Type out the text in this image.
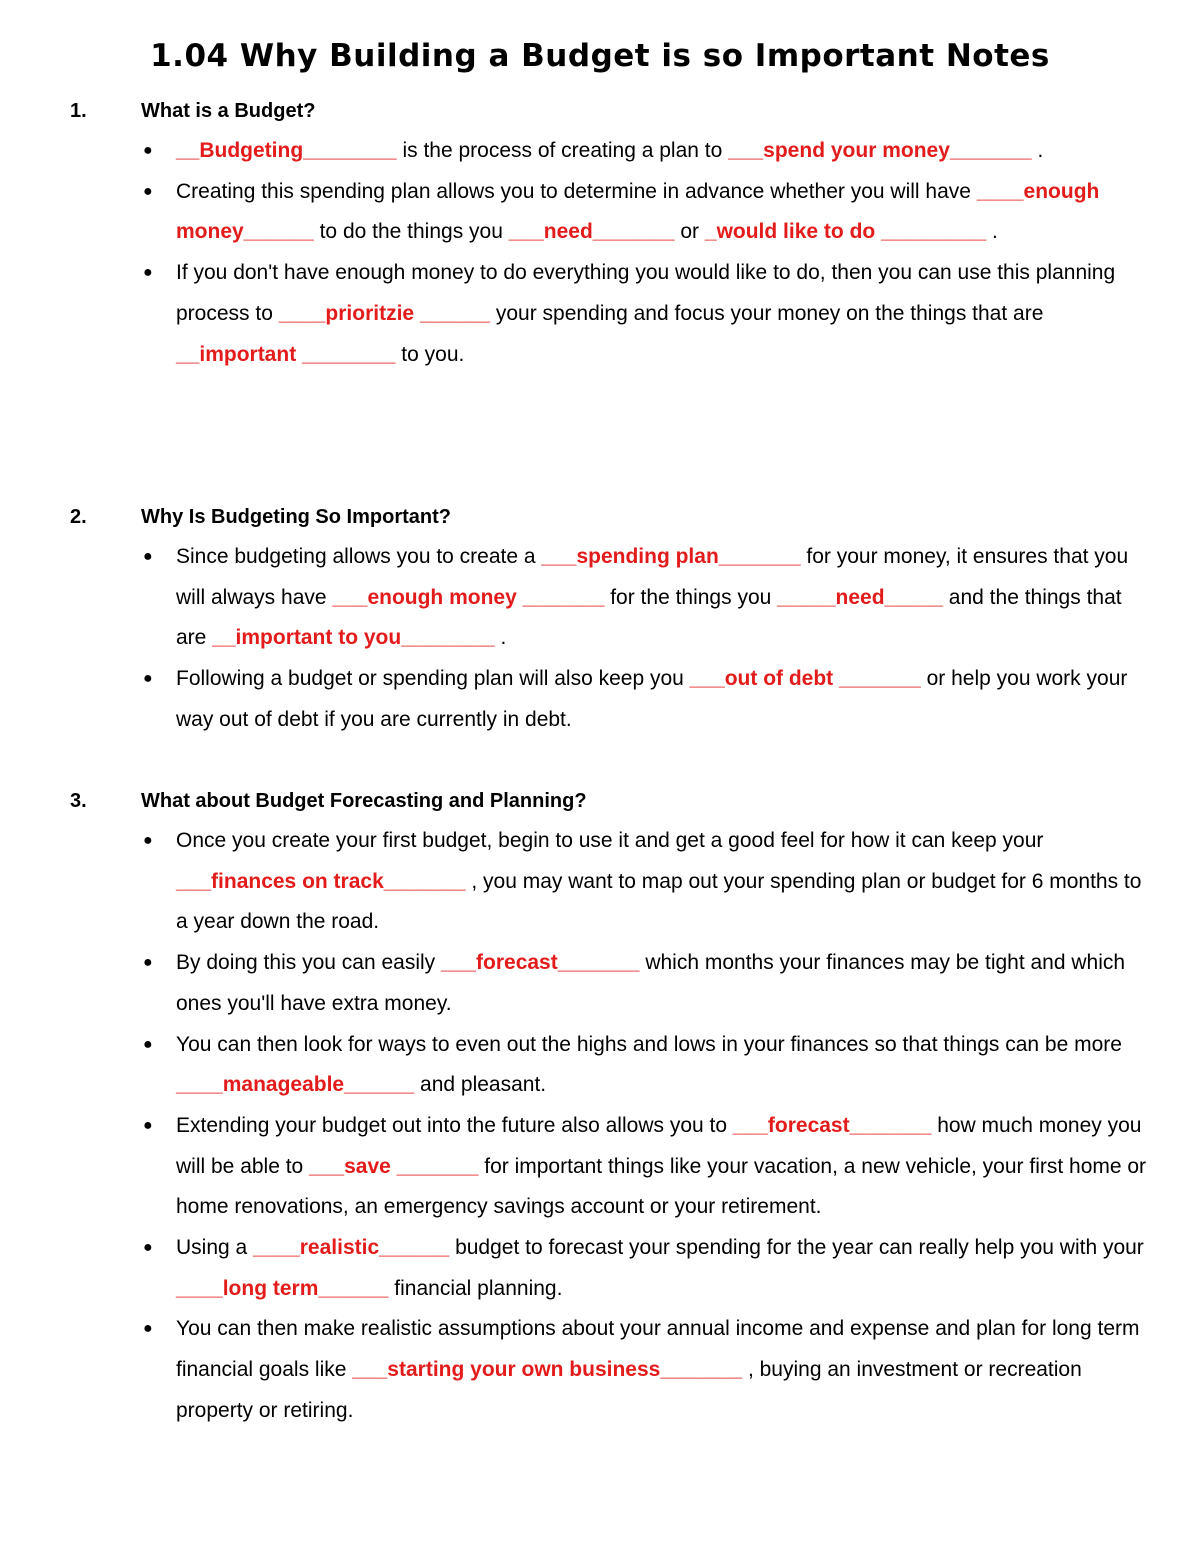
1.04 Why Building a Budget is so Important Notes
1.	What is a Budget?
● __Budgeting________ is the process of creating a plan to ___spend your money_______ .
● Creating this spending plan allows you to determine in advance whether you will have ____enough money______ to do the things you ___need_______ or _would like to do _________ .
● If you don't have enough money to do everything you would like to do, then you can use this planning process to ____prioritzie ______ your spending and focus your money on the things that are __important ________ to you.
2.	Why Is Budgeting So Important?
● Since budgeting allows you to create a ___spending plan_______ for your money, it ensures that you will always have ___enough money _______ for the things you _____need_____ and the things that are __important to you________ .
● Following a budget or spending plan will also keep you ___out of debt _______ or help you work your way out of debt if you are currently in debt.
3.	What about Budget Forecasting and Planning?
● Once you create your first budget, begin to use it and get a good feel for how it can keep your ___finances on track_______ , you may want to map out your spending plan or budget for 6 months to a year down the road.
● By doing this you can easily ___forecast_______ which months your finances may be tight and which ones you'll have extra money.
● You can then look for ways to even out the highs and lows in your finances so that things can be more ____manageable______ and pleasant.
● Extending your budget out into the future also allows you to ___forecast_______ how much money you will be able to ___save _______ for important things like your vacation, a new vehicle, your first home or home renovations, an emergency savings account or your retirement.
● Using a ____realistic______ budget to forecast your spending for the year can really help you with your ____long term______ financial planning.
● You can then make realistic assumptions about your annual income and expense and plan for long term financial goals like ___starting your own business_______ , buying an investment or recreation property or retiring.
